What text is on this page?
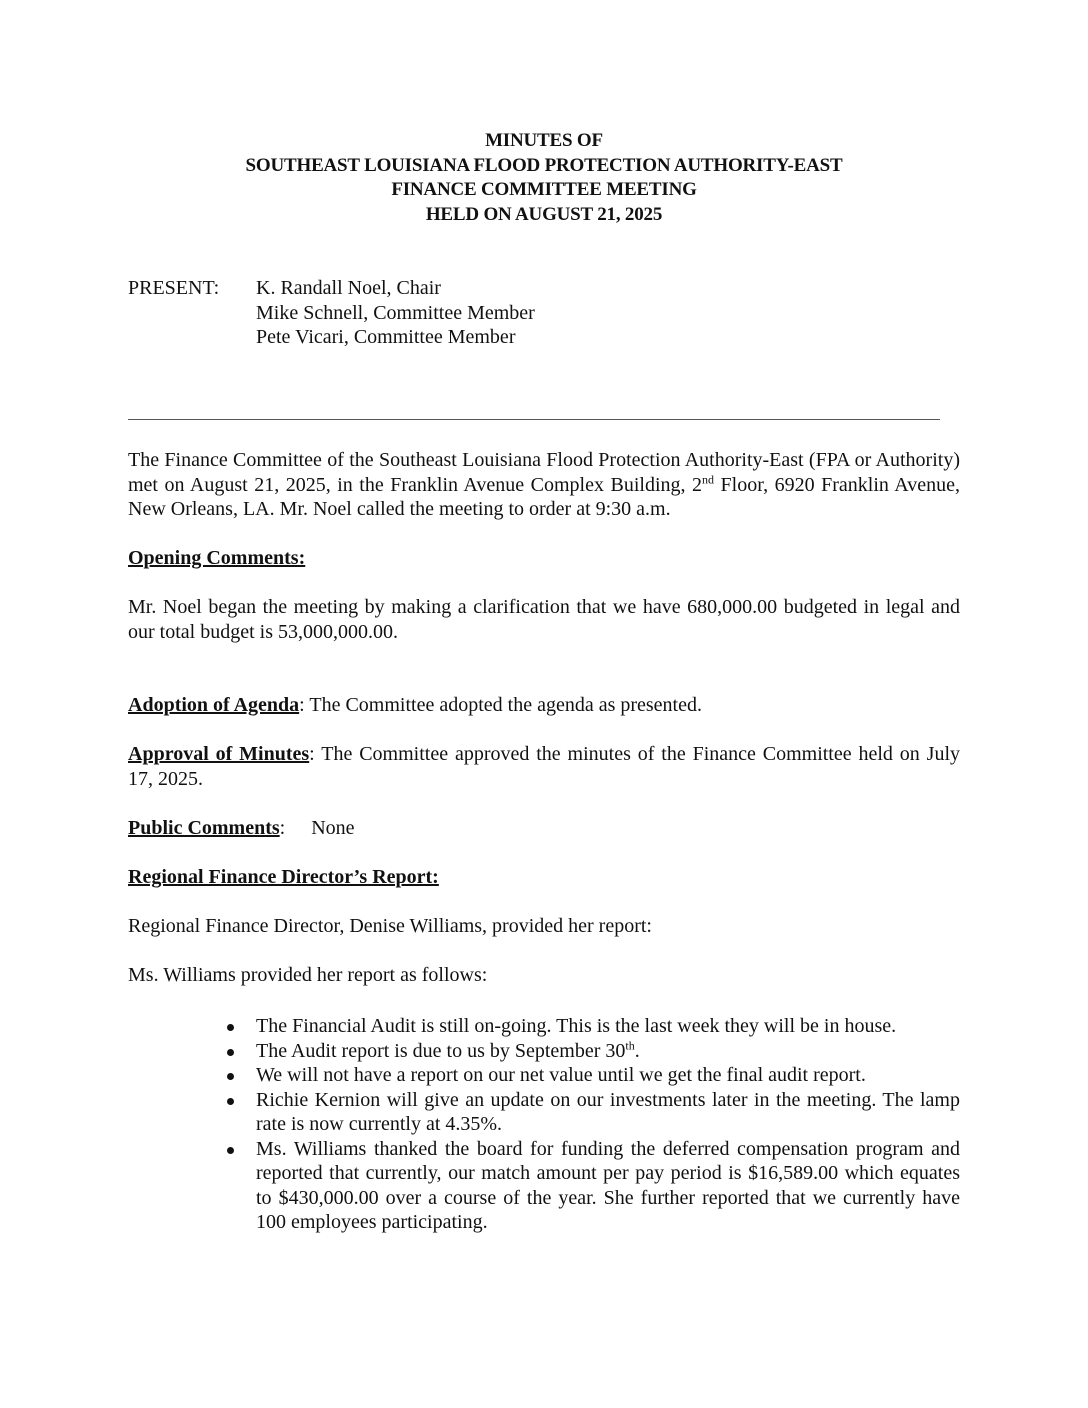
MINUTES OF
SOUTHEAST LOUISIANA FLOOD PROTECTION AUTHORITY-EAST
FINANCE COMMITTEE MEETING
HELD ON AUGUST 21, 2025
PRESENT: K. Randall Noel, Chair
Mike Schnell, Committee Member
Pete Vicari, Committee Member
The Finance Committee of the Southeast Louisiana Flood Protection Authority-East (FPA or Authority) met on August 21, 2025, in the Franklin Avenue Complex Building, 2nd Floor, 6920 Franklin Avenue, New Orleans, LA. Mr. Noel called the meeting to order at 9:30 a.m.
Opening Comments:
Mr. Noel began the meeting by making a clarification that we have 680,000.00 budgeted in legal and our total budget is 53,000,000.00.
Adoption of Agenda: The Committee adopted the agenda as presented.
Approval of Minutes: The Committee approved the minutes of the Finance Committee held on July 17, 2025.
Public Comments: None
Regional Finance Director’s Report:
Regional Finance Director, Denise Williams, provided her report:
Ms. Williams provided her report as follows:
The Financial Audit is still on-going. This is the last week they will be in house.
The Audit report is due to us by September 30th.
We will not have a report on our net value until we get the final audit report.
Richie Kernion will give an update on our investments later in the meeting. The lamp rate is now currently at 4.35%.
Ms. Williams thanked the board for funding the deferred compensation program and reported that currently, our match amount per pay period is $16,589.00 which equates to $430,000.00 over a course of the year. She further reported that we currently have 100 employees participating.
